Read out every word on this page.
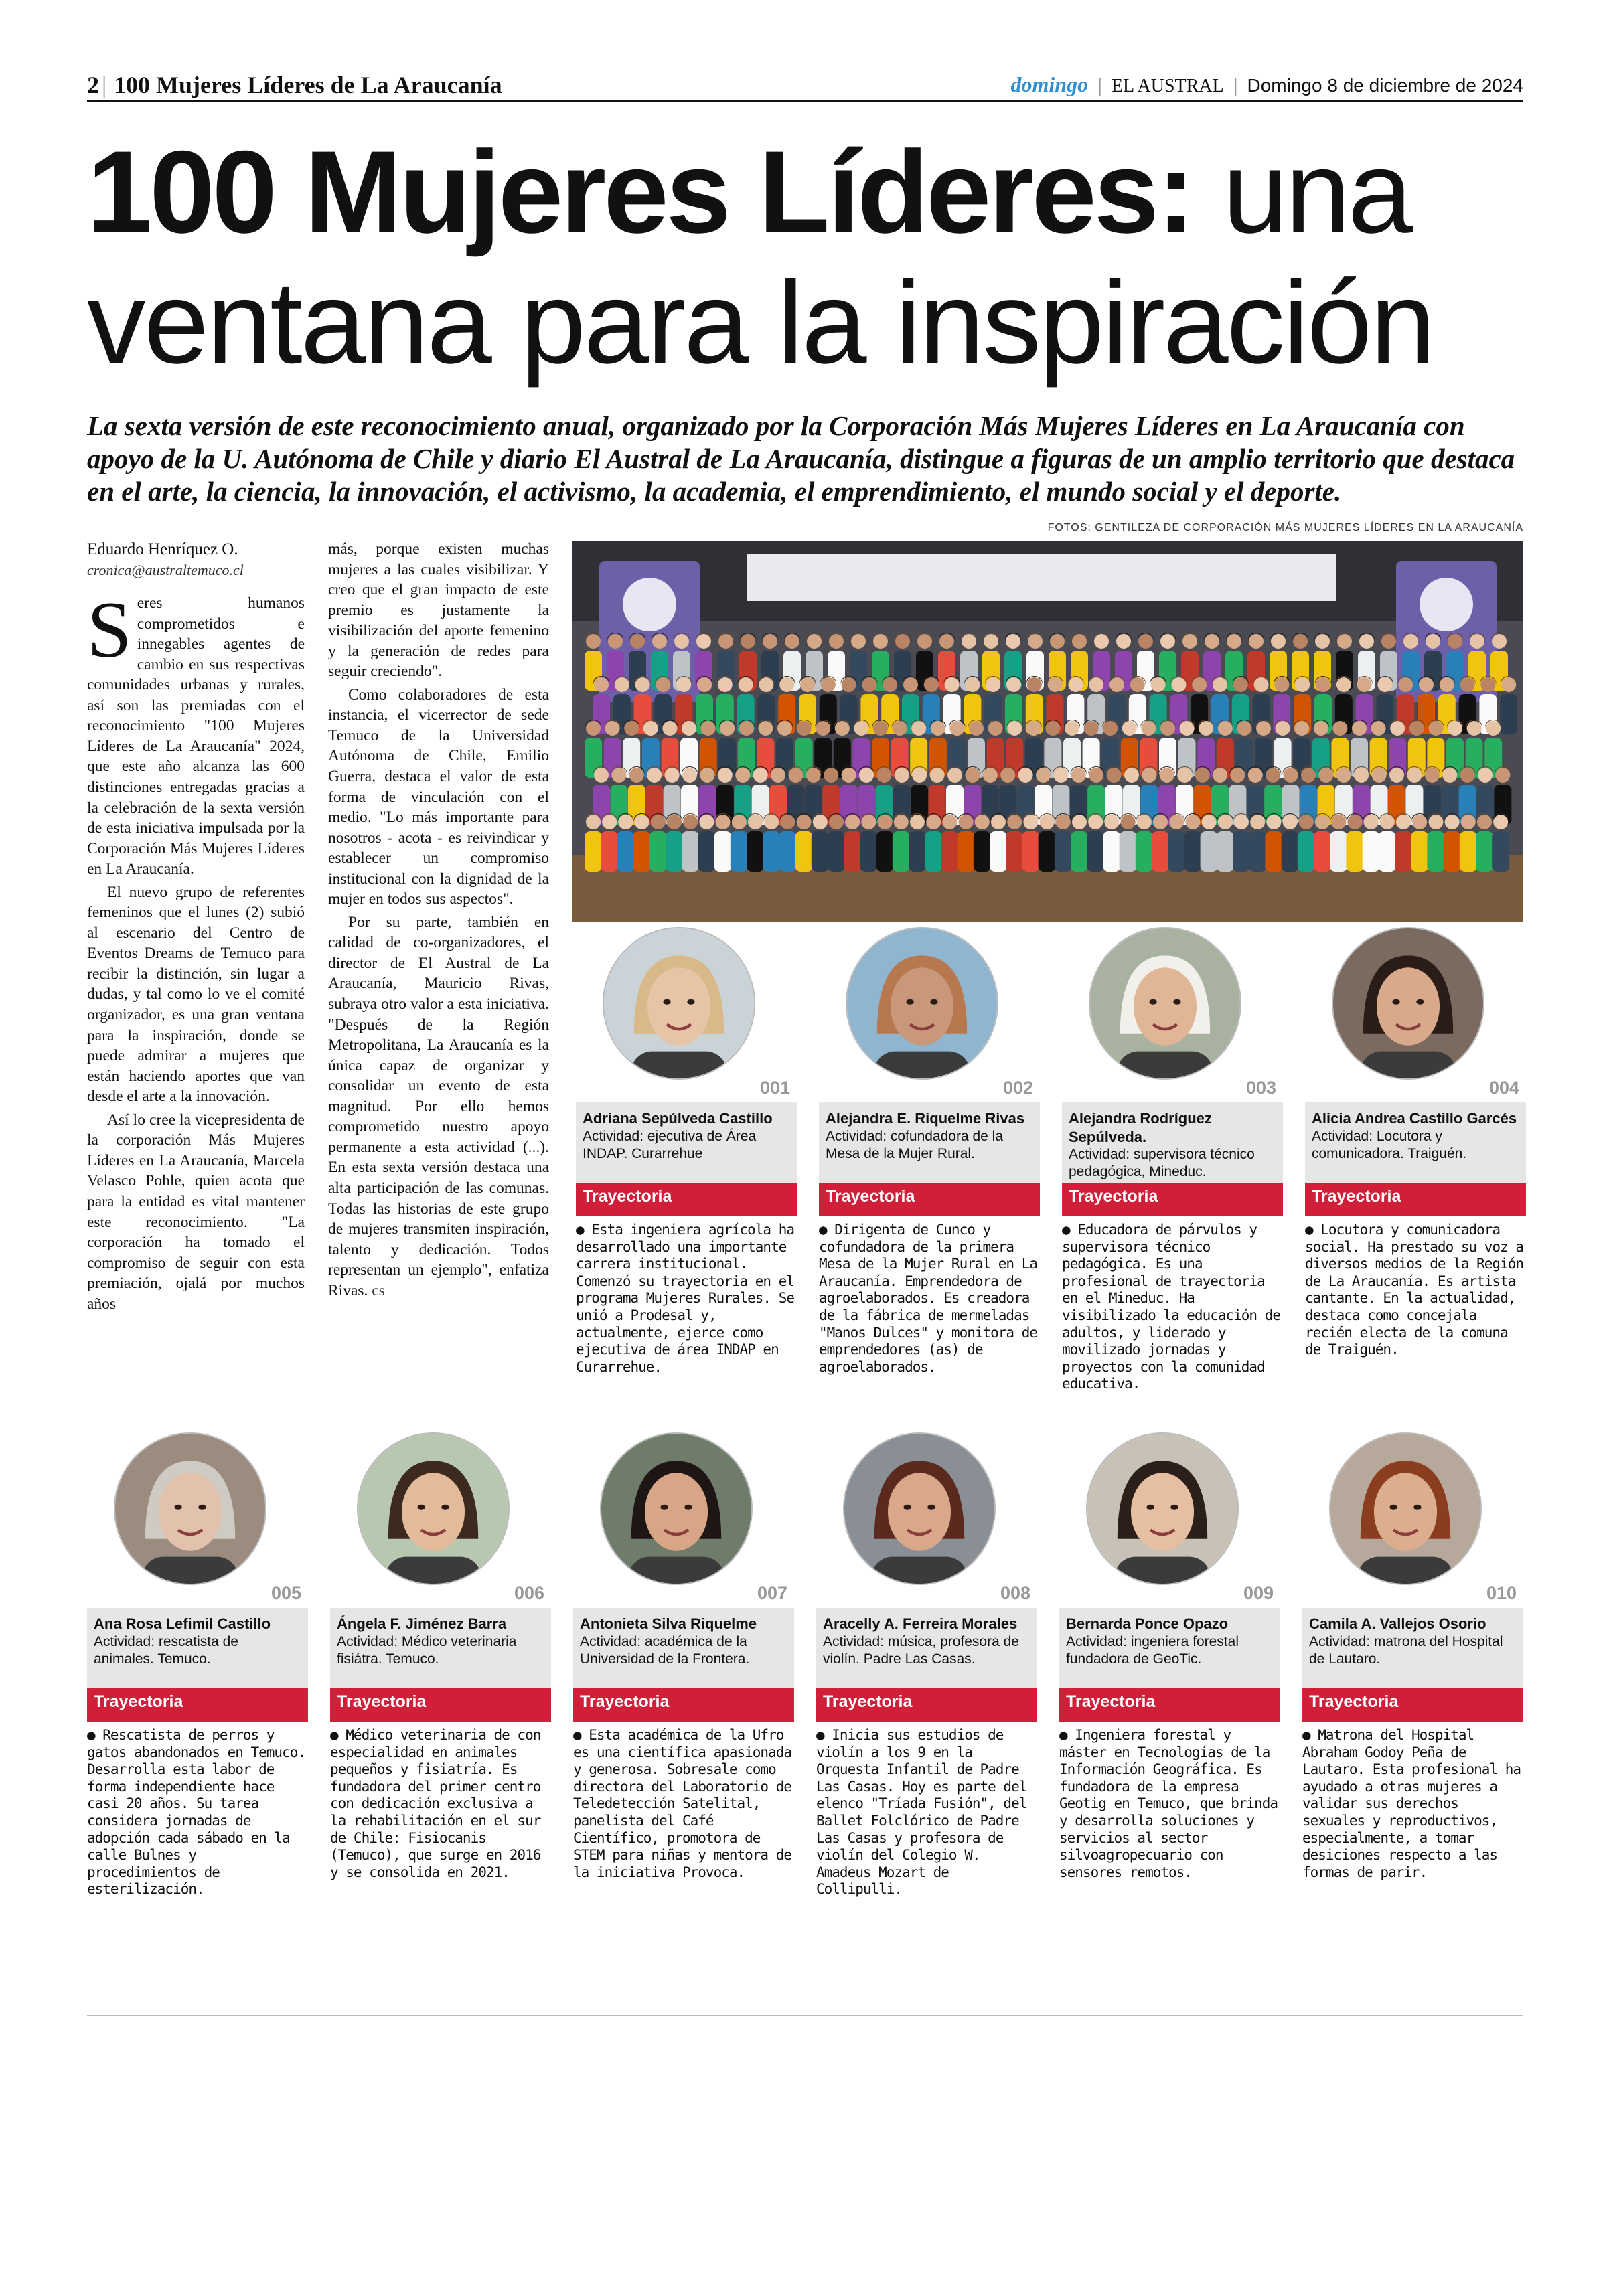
2 | 100 Mujeres Líderes de La Araucanía	domingo | EL AUSTRAL | Domingo 8 de diciembre de 2024
100 Mujeres Líderes: una
ventana para la inspiración
La sexta versión de este reconocimiento anual, organizado por la Corporación Más Mujeres Líderes en La Araucanía con apoyo de la U. Autónoma de Chile y diario El Austral de La Araucanía, distingue a figuras de un amplio territorio que destaca en el arte, la ciencia, la innovación, el activismo, la academia, el emprendimiento, el mundo social y el deporte.
FOTOS: GENTILEZA DE CORPORACIÓN MÁS MUJERES LÍDERES EN LA ARAUCANÍA
Eduardo Henríquez O.
cronica@australtemuco.cl

Seres humanos comprometidos e innegables agentes de cambio en sus respectivas comunidades urbanas y rurales, así son las premiadas con el reconocimiento "100 Mujeres Líderes de La Araucanía" 2024, que este año alcanza las 600 distinciones entregadas gracias a la celebración de la sexta versión de esta iniciativa impulsada por la Corporación Más Mujeres Líderes en La Araucanía.

El nuevo grupo de referentes femeninos que el lunes (2) subió al escenario del Centro de Eventos Dreams de Temuco para recibir la distinción, sin lugar a dudas, y tal como lo ve el comité organizador, es una gran ventana para la inspiración, donde se puede admirar a mujeres que están haciendo aportes que van desde el arte a la innovación.

Así lo cree la vicepresidenta de la corporación Más Mujeres Líderes en La Araucanía, Marcela Velasco Pohle, quien acota que para la entidad es vital mantener este reconocimiento. "La corporación ha tomado el compromiso de seguir con esta premiación, ojalá por muchos años

más, porque existen muchas mujeres a las cuales visibilizar. Y creo que el gran impacto de este premio es justamente la visibilización del aporte femenino y la generación de redes para seguir creciendo".

Como colaboradores de esta instancia, el vicerrector de sede Temuco de la Universidad Autónoma de Chile, Emilio Guerra, destaca el valor de esta forma de vinculación con el medio. "Lo más importante para nosotros - acota - es reivindicar y establecer un compromiso institucional con la dignidad de la mujer en todos sus aspectos".

Por su parte, también en calidad de co-organizadores, el director de El Austral de La Araucanía, Mauricio Rivas, subraya otro valor a esta iniciativa. "Después de la Región Metropolitana, La Araucanía es la única capaz de organizar y consolidar un evento de esta magnitud. Por ello hemos comprometido nuestro apoyo permanente a esta actividad (...). En esta sexta versión destaca una alta participación de las comunas. Todas las historias de este grupo de mujeres transmiten inspiración, talento y dedicación. Todos representan un ejemplo", enfatiza Rivas. cs

001
Adriana Sepúlveda Castillo
Actividad: ejecutiva de Área INDAP. Curarrehue
Trayectoria
● Esta ingeniera agrícola ha desarrollado una importante carrera institucional. Comenzó su trayectoria en el programa Mujeres Rurales. Se unió a Prodesal y, actualmente, ejerce como ejecutiva de área INDAP en Curarrehue.
002
Alejandra E. Riquelme Rivas
Actividad: cofundadora de la Mesa de la Mujer Rural.
Trayectoria
● Dirigenta de Cunco y cofundadora de la primera Mesa de la Mujer Rural en La Araucanía. Emprendedora de agroelaborados. Es creadora de la fábrica de mermeladas "Manos Dulces" y monitora de emprendedores (as) de agroelaborados.
003
Alejandra Rodríguez Sepúlveda.
Actividad: supervisora técnico pedagógica, Mineduc.
Trayectoria
● Educadora de párvulos y supervisora técnico pedagógica. Es una profesional de trayectoria en el Mineduc. Ha visibilizado la educación de adultos, y liderado y movilizado jornadas y proyectos con la comunidad educativa.
004
Alicia Andrea Castillo Garcés
Actividad: Locutora y comunicadora. Traiguén.
Trayectoria
● Locutora y comunicadora social. Ha prestado su voz a diversos medios de la Región de La Araucanía. Es artista cantante. En la actualidad, destaca como concejala recién electa de la comuna de Traiguén.
005
Ana Rosa Lefimil Castillo
Actividad: rescatista de animales. Temuco.
Trayectoria
● Rescatista de perros y gatos abandonados en Temuco. Desarrolla esta labor de forma independiente hace casi 20 años. Su tarea considera jornadas de adopción cada sábado en la calle Bulnes y procedimientos de esterilización.
006
Ángela F. Jiménez Barra
Actividad: Médico veterinaria fisiátra. Temuco.
Trayectoria
● Médico veterinaria de con especialidad en animales pequeños y fisiatría. Es fundadora del primer centro con dedicación exclusiva a la rehabilitación en el sur de Chile: Fisiocanis (Temuco), que surge en 2016 y se consolida en 2021.
007
Antonieta Silva Riquelme
Actividad: académica de la Universidad de la Frontera.
Trayectoria
● Esta académica de la Ufro es una científica apasionada y generosa. Sobresale como directora del Laboratorio de Teledetección Satelital, panelista del Café Científico, promotora de STEM para niñas y mentora de la iniciativa Provoca.
008
Aracelly A. Ferreira Morales
Actividad: música, profesora de violín. Padre Las Casas.
Trayectoria
● Inicia sus estudios de violín a los 9 en la Orquesta Infantil de Padre Las Casas. Hoy es parte del elenco "Tríada Fusión", del Ballet Folclórico de Padre Las Casas y profesora de violín del Colegio W. Amadeus Mozart de Collipulli.
009
Bernarda Ponce Opazo
Actividad: ingeniera forestal fundadora de GeoTic.
Trayectoria
● Ingeniera forestal y máster en Tecnologías de la Información Geográfica. Es fundadora de la empresa Geotig en Temuco, que brinda y desarrolla soluciones y servicios al sector silvoagropecuario con sensores remotos.
010
Camila A. Vallejos Osorio
Actividad: matrona del Hospital de Lautaro.
Trayectoria
● Matrona del Hospital Abraham Godoy Peña de Lautaro. Esta profesional ha ayudado a otras mujeres a validar sus derechos sexuales y reproductivos, especialmente, a tomar desiciones respecto a las formas de parir.
